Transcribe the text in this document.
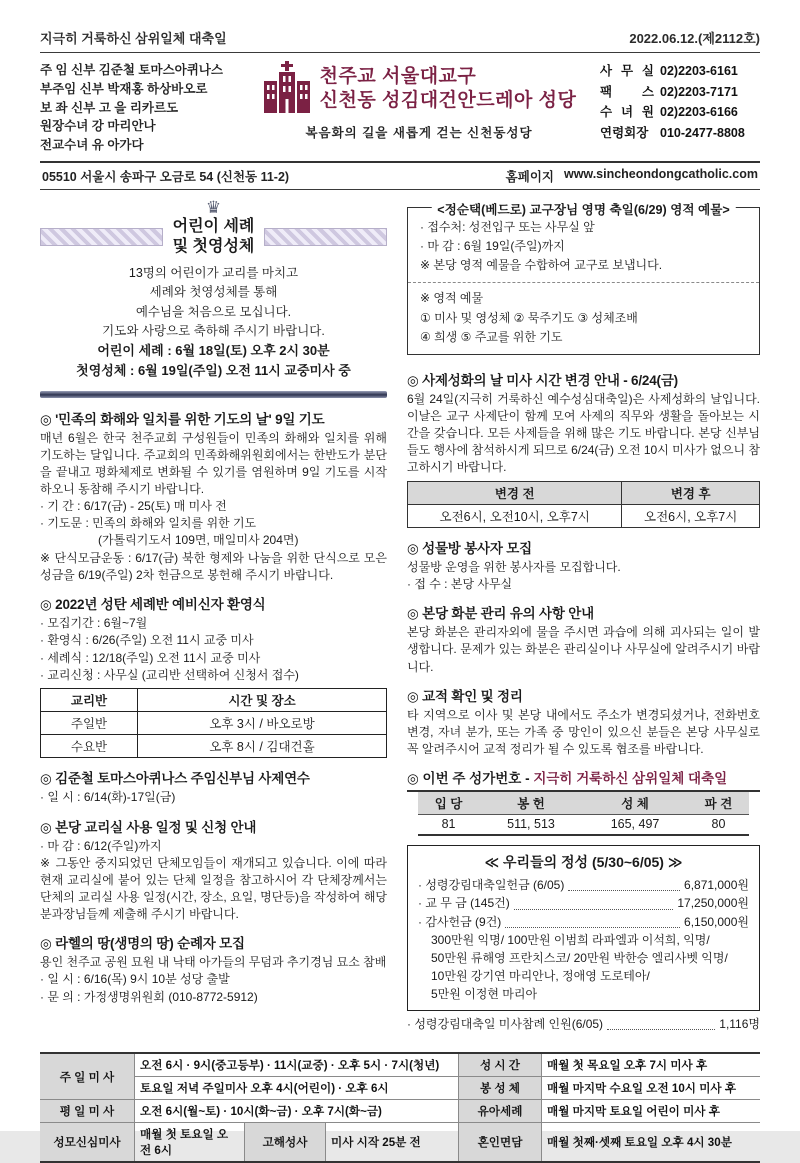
지극히 거룩하신 삼위일체 대축일	2022.06.12.(제2112호)
주 임 신부 김준철 토마스아퀴나스
부주임 신부 박재홍 하상바오로
보 좌 신부 고 을 리카르도
원장수녀 강 마리안나
전교수녀 유 아가다
천주교 서울대교구
신천동 성김대건안드레아 성당
복음화의 길을 새롭게 걷는 신천동성당
사 무 실 02)2203-6161
팩 스 02)2203-7171
수 녀 원 02)2203-6166
연령회장 010-2477-8808
05510 서울시 송파구 오금로 54 (신천동 11-2)	홈페이지 www.sincheondongcatholic.com
♛
어린이 세례
및 첫영성체
13명의 어린이가 교리를 마치고
세례와 첫영성체를 통해
예수님을 처음으로 모십니다.
기도와 사랑으로 축하해 주시기 바랍니다.
어린이 세례 : 6월 18일(토) 오후 2시 30분
첫영성체 : 6월 19일(주일) 오전 11시 교중미사 중
◎ '민족의 화해와 일치를 위한 기도의 날' 9일 기도

매년 6월은 한국 천주교회 구성원들이 민족의 화해와 일치를 위해 기도하는 달입니다. 주교회의 민족화해위원회에서는 한반도가 분단을 끝내고 평화체제로 변화될 수 있기를 염원하며 9일 기도를 시작하오니 동참해 주시기 바랍니다.

· 기 간 : 6/17(금) - 25(토) 매 미사 전
· 기도문 : 민족의 화해와 일치를 위한 기도
(가톨릭기도서 109면, 매일미사 204면)

※ 단식모금운동 : 6/17(금) 북한 형제와 나눔을 위한 단식으로 모은 성금을 6/19(주일) 2차 헌금으로 봉헌해 주시기 바랍니다.

◎ 2022년 성탄 세례반 예비신자 환영식
· 모집기간 : 6월~7월
· 환영식 : 6/26(주일) 오전 11시 교중 미사
· 세례식 : 12/18(주일) 오전 11시 교중 미사
· 교리신청 : 사무실 (교리반 선택하여 신청서 접수)
교리반	시간 및 장소
주일반	오후 3시 / 바오로방
수요반	오후 8시 / 김대건홀
◎ 김준철 토마스아퀴나스 주임신부님 사제연수
· 일 시 : 6/14(화)-17일(금)
◎ 본당 교리실 사용 일정 및 신청 안내
· 마 감 : 6/12(주일)까지

※ 그동안 중지되었던 단체모임들이 재개되고 있습니다. 이에 따라 현재 교리실에 붙어 있는 단체 일정을 참고하시어 각 단체장께서는 단체의 교리실 사용 일정(시간, 장소, 요일, 명단등)을 작성하여 해당 분과장님들께 제출해 주시기 바랍니다.

◎ 라헬의 땅(생명의 땅) 순례자 모집

용인 천주교 공원 묘원 내 낙태 아가들의 무덤과 추기경님 묘소 참배

· 일 시 : 6/16(목) 9시 10분 성당 출발
· 문 의 : 가정생명위원회 (010-8772-5912)
<정순택(베드로) 교구장님 영명 축일(6/29) 영적 예물>
· 접수처: 성전입구 또는 사무실 앞
· 마 감 : 6월 19일(주일)까지
※ 본당 영적 예물을 수합하여 교구로 보냅니다.
※ 영적 예물
① 미사 및 영성체 ② 묵주기도 ③ 성체조배
④ 희생 ⑤ 주교를 위한 기도
◎ 사제성화의 날 미사 시간 변경 안내 - 6/24(금)

6월 24일(지극히 거룩하신 예수성심대축일)은 사제성화의 날입니다. 이날은 교구 사제단이 함께 모여 사제의 직무와 생활을 돌아보는 시간을 갖습니다. 모든 사제들을 위해 많은 기도 바랍니다. 본당 신부님들도 행사에 참석하시게 되므로 6/24(금) 오전 10시 미사가 없으니 참고하시기 바랍니다.

변경 전	변경 후
오전6시, 오전10시, 오후7시	오전6시, 오후7시
◎ 성물방 봉사자 모집

성물방 운영을 위한 봉사자를 모집합니다.

· 접 수 : 본당 사무실
◎ 본당 화분 관리 유의 사항 안내

본당 화분은 관리자외에 물을 주시면 과습에 의해 괴사되는 일이 발생합니다. 문제가 있는 화분은 관리실이나 사무실에 알려주시기 바랍니다.

◎ 교적 확인 및 정리

타 지역으로 이사 및 본당 내에서도 주소가 변경되셨거나, 전화번호 변경, 자녀 분가, 또는 가족 중 망인이 있으신 분들은 본당 사무실로 꼭 알려주시어 교적 정리가 될 수 있도록 협조를 바랍니다.

◎ 이번 주 성가번호 - 지극히 거룩하신 삼위일체 대축일
입 당	봉 헌	성 체	파 견
81	511, 513	165, 497	80
≪ 우리들의 정성 (5/30~6/05) ≫
· 성령강림대축일헌금 (6/05)	6,871,000원
· 교 무 금 (145건)	17,250,000원
· 감사헌금 (9건)	6,150,000원
300만원 익명/ 100만원 이범희 라파엘과 이석희, 익명/
50만원 류해영 프란치스코/ 20만원 박한승 엘리사벳 익명/
10만원 강기연 마리안나, 정애영 도로테아/
5만원 이정현 마리아
· 성령강림대축일 미사참례 인원(6/05)	1,116명
주 일 미 사	오전 6시 · 9시(중고등부) · 11시(교중) · 오후 5시 · 7시(청년)			성 시 간	매월 첫 목요일 오후 7시 미사 후
	토요일 저녁 주일미사 오후 4시(어린이) · 오후 6시			봉 성 체	매월 마지막 수요일 오전 10시 미사 후
평 일 미 사	오전 6시(월~토) · 10시(화~금) · 오후 7시(화~금)			유아세례	매월 마지막 토요일 어린이 미사 후
성모신심미사	매월 첫 토요일 오전 6시	고해성사	미사 시작 25분 전	혼인면담	매월 첫째·셋째 토요일 오후 4시 30분
